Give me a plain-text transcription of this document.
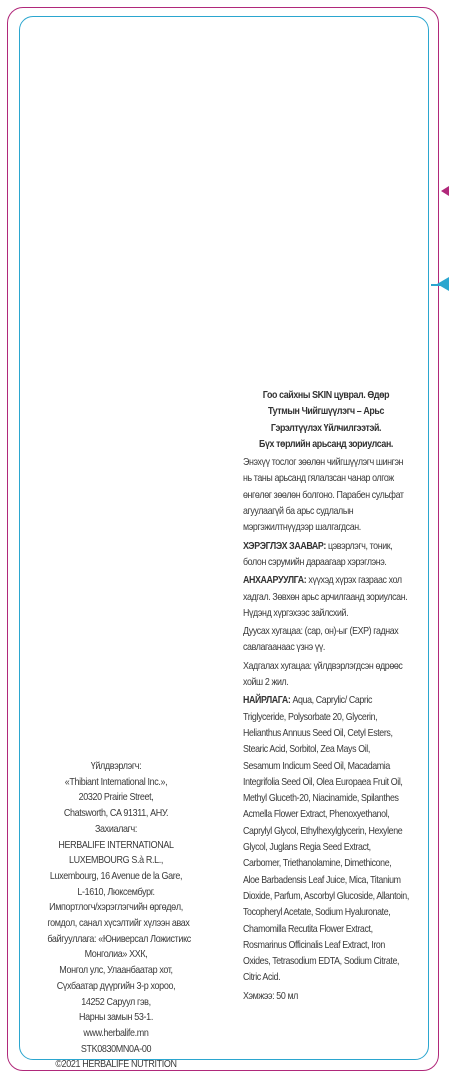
Гоо сайхны SKIN цуврал. Өдөр
Тутмын Чийгшүүлэгч – Арьс
Гэрэлтүүлэх Үйлчилгээтэй.
Бүх төрлийн арьсанд зориулсан.
Энэхүү тослог зөөлөн чийгшүүлэгч шингэн нь таны арьсанд гялалзсан чанар олгож өнгөлөг зөөлөн болгоно. Парабен сульфат агуулаагүй ба арьс судлалын мэргэжилтнүүдээр шалгагдсан.
ХЭРЭГЛЭХ ЗААВАР: цэвэрлэгч, тоник, болон сэрумийн дараагаар хэрэглэнэ.
АНХААРУУЛГА: хүүхэд хүрэх газраас хол хадгал. Зөвхөн арьс арчилгаанд зориулсан. Нүдэнд хүргэхээс зайлсхий.
Дуусах хугацаа: (сар, он)-ыг (EXP) гаднах савлагаанаас үзнэ үү.
Хадгалах хугацаа: үйлдвэрлэгдсэн өдрөөс хойш 2 жил.
НАЙРЛАГА: Aqua, Caprylic/ Capric Triglyceride, Polysorbate 20, Glycerin, Helianthus Annuus Seed Oil, Cetyl Esters, Stearic Acid, Sorbitol, Zea Mays Oil, Sesamum Indicum Seed Oil, Macadamia Integrifolia Seed Oil, Olea Europaea Fruit Oil, Methyl Gluceth-20, Niacinamide, Spilanthes Acmella Flower Extract, Phenoxyethanol, Caprylyl Glycol, Ethylhexylglycerin, Hexylene Glycol, Juglans Regia Seed Extract, Carbomer, Triethanolamine, Dimethicone, Aloe Barbadensis Leaf Juice, Mica, Titanium Dioxide, Parfum, Ascorbyl Glucoside, Allantoin, Tocopheryl Acetate, Sodium Hyaluronate, Chamomilla Recutita Flower Extract, Rosmarinus Officinalis Leaf Extract, Iron Oxides, Tetrasodium EDTA, Sodium Citrate, Citric Acid.
Хэмжээ: 50 мл
Үйлдвэрлэгч:
«Thibiant International Inc.»,
20320 Prairie Street,
Chatsworth, CA 91311, АНУ.
Захиалагч:
HERBALIFE INTERNATIONAL
LUXEMBOURG S.à R.L.,
Luxembourg, 16 Avenue de la Gare,
L-1610, Люксембург.
Импортлогч/хэрэглэгчийн өргөдөл,
гомдол, санал хүсэлтийг хүлээн авах
байгууллага: «Юниверсал Ложистикс
Монголиа» ХХК,
Монгол улс, Улаанбаатар хот,
Сүхбаатар дүүргийн 3-р хороо,
14252 Саруул гэв,
Нарны замын 53-1.
www.herbalife.mn
STK0830MN0A-00
©2021 HERBALIFE NUTRITION
